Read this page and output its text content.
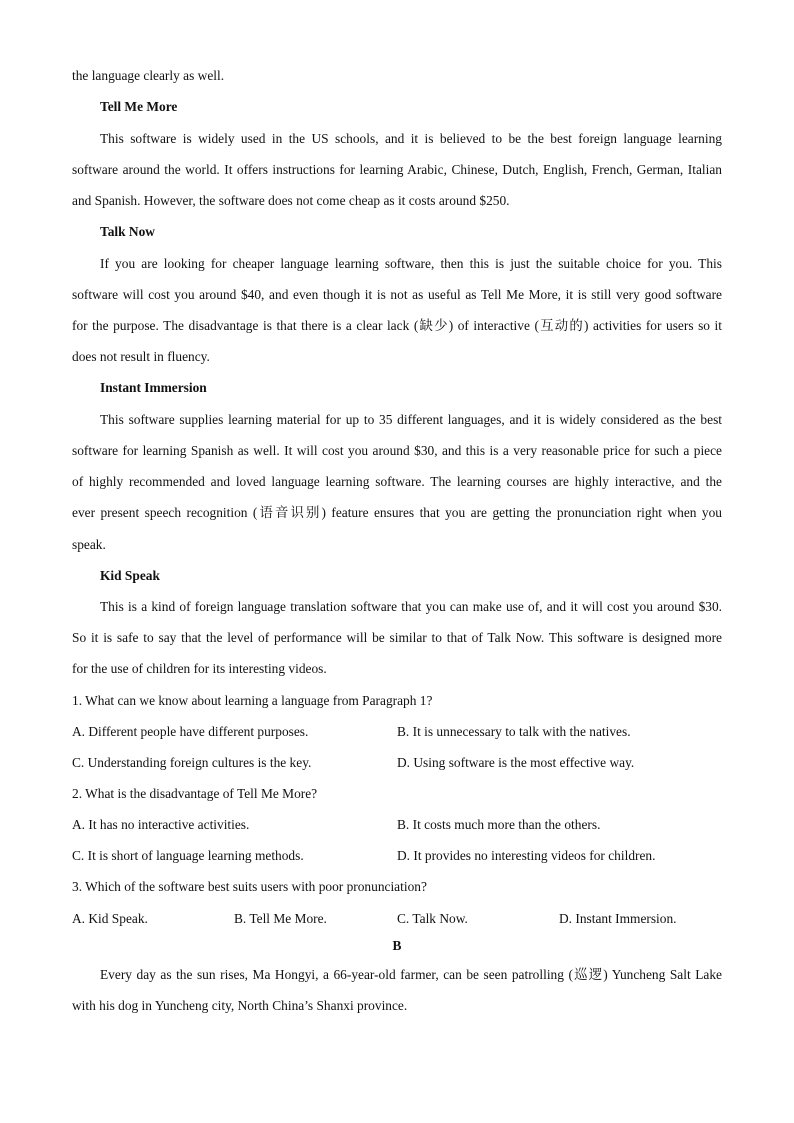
the language clearly as well.
Tell Me More
This software is widely used in the US schools, and it is believed to be the best foreign language learning
software around the world. It offers instructions for learning Arabic, Chinese, Dutch, English, French, German, Italian
and Spanish. However, the software does not come cheap as it costs around $250.
Talk Now
If you are looking for cheaper language learning software, then this is just the suitable choice for you. This
software will cost you around $40, and even though it is not as useful as Tell Me More, it is still very good software
for the purpose. The disadvantage is that there is a clear lack (缺少) of interactive (互动的) activities for users so it
does not result in fluency.
Instant Immersion
This software supplies learning material for up to 35 different languages, and it is widely considered as the best
software for learning Spanish as well. It will cost you around $30, and this is a very reasonable price for such a piece
of highly recommended and loved language learning software. The learning courses are highly interactive, and the
ever present speech recognition (语音识别) feature ensures that you are getting the pronunciation right when you
speak.
Kid Speak
This is a kind of foreign language translation software that you can make use of, and it will cost you around $30.
So it is safe to say that the level of performance will be similar to that of Talk Now. This software is designed more
for the use of children for its interesting videos.
1. What can we know about learning a language from Paragraph 1?
A. Different people have different purposes.	B. It is unnecessary to talk with the natives.
C. Understanding foreign cultures is the key.	D. Using software is the most effective way.
2. What is the disadvantage of Tell Me More?
A. It has no interactive activities.	B. It costs much more than the others.
C. It is short of language learning methods.	D. It provides no interesting videos for children.
3. Which of the software best suits users with poor pronunciation?
A. Kid Speak.	B. Tell Me More.	C. Talk Now.	D. Instant Immersion.
B
Every day as the sun rises, Ma Hongyi, a 66-year-old farmer, can be seen patrolling (巡逻) Yuncheng Salt Lake
with his dog in Yuncheng city, North China’s Shanxi province.
